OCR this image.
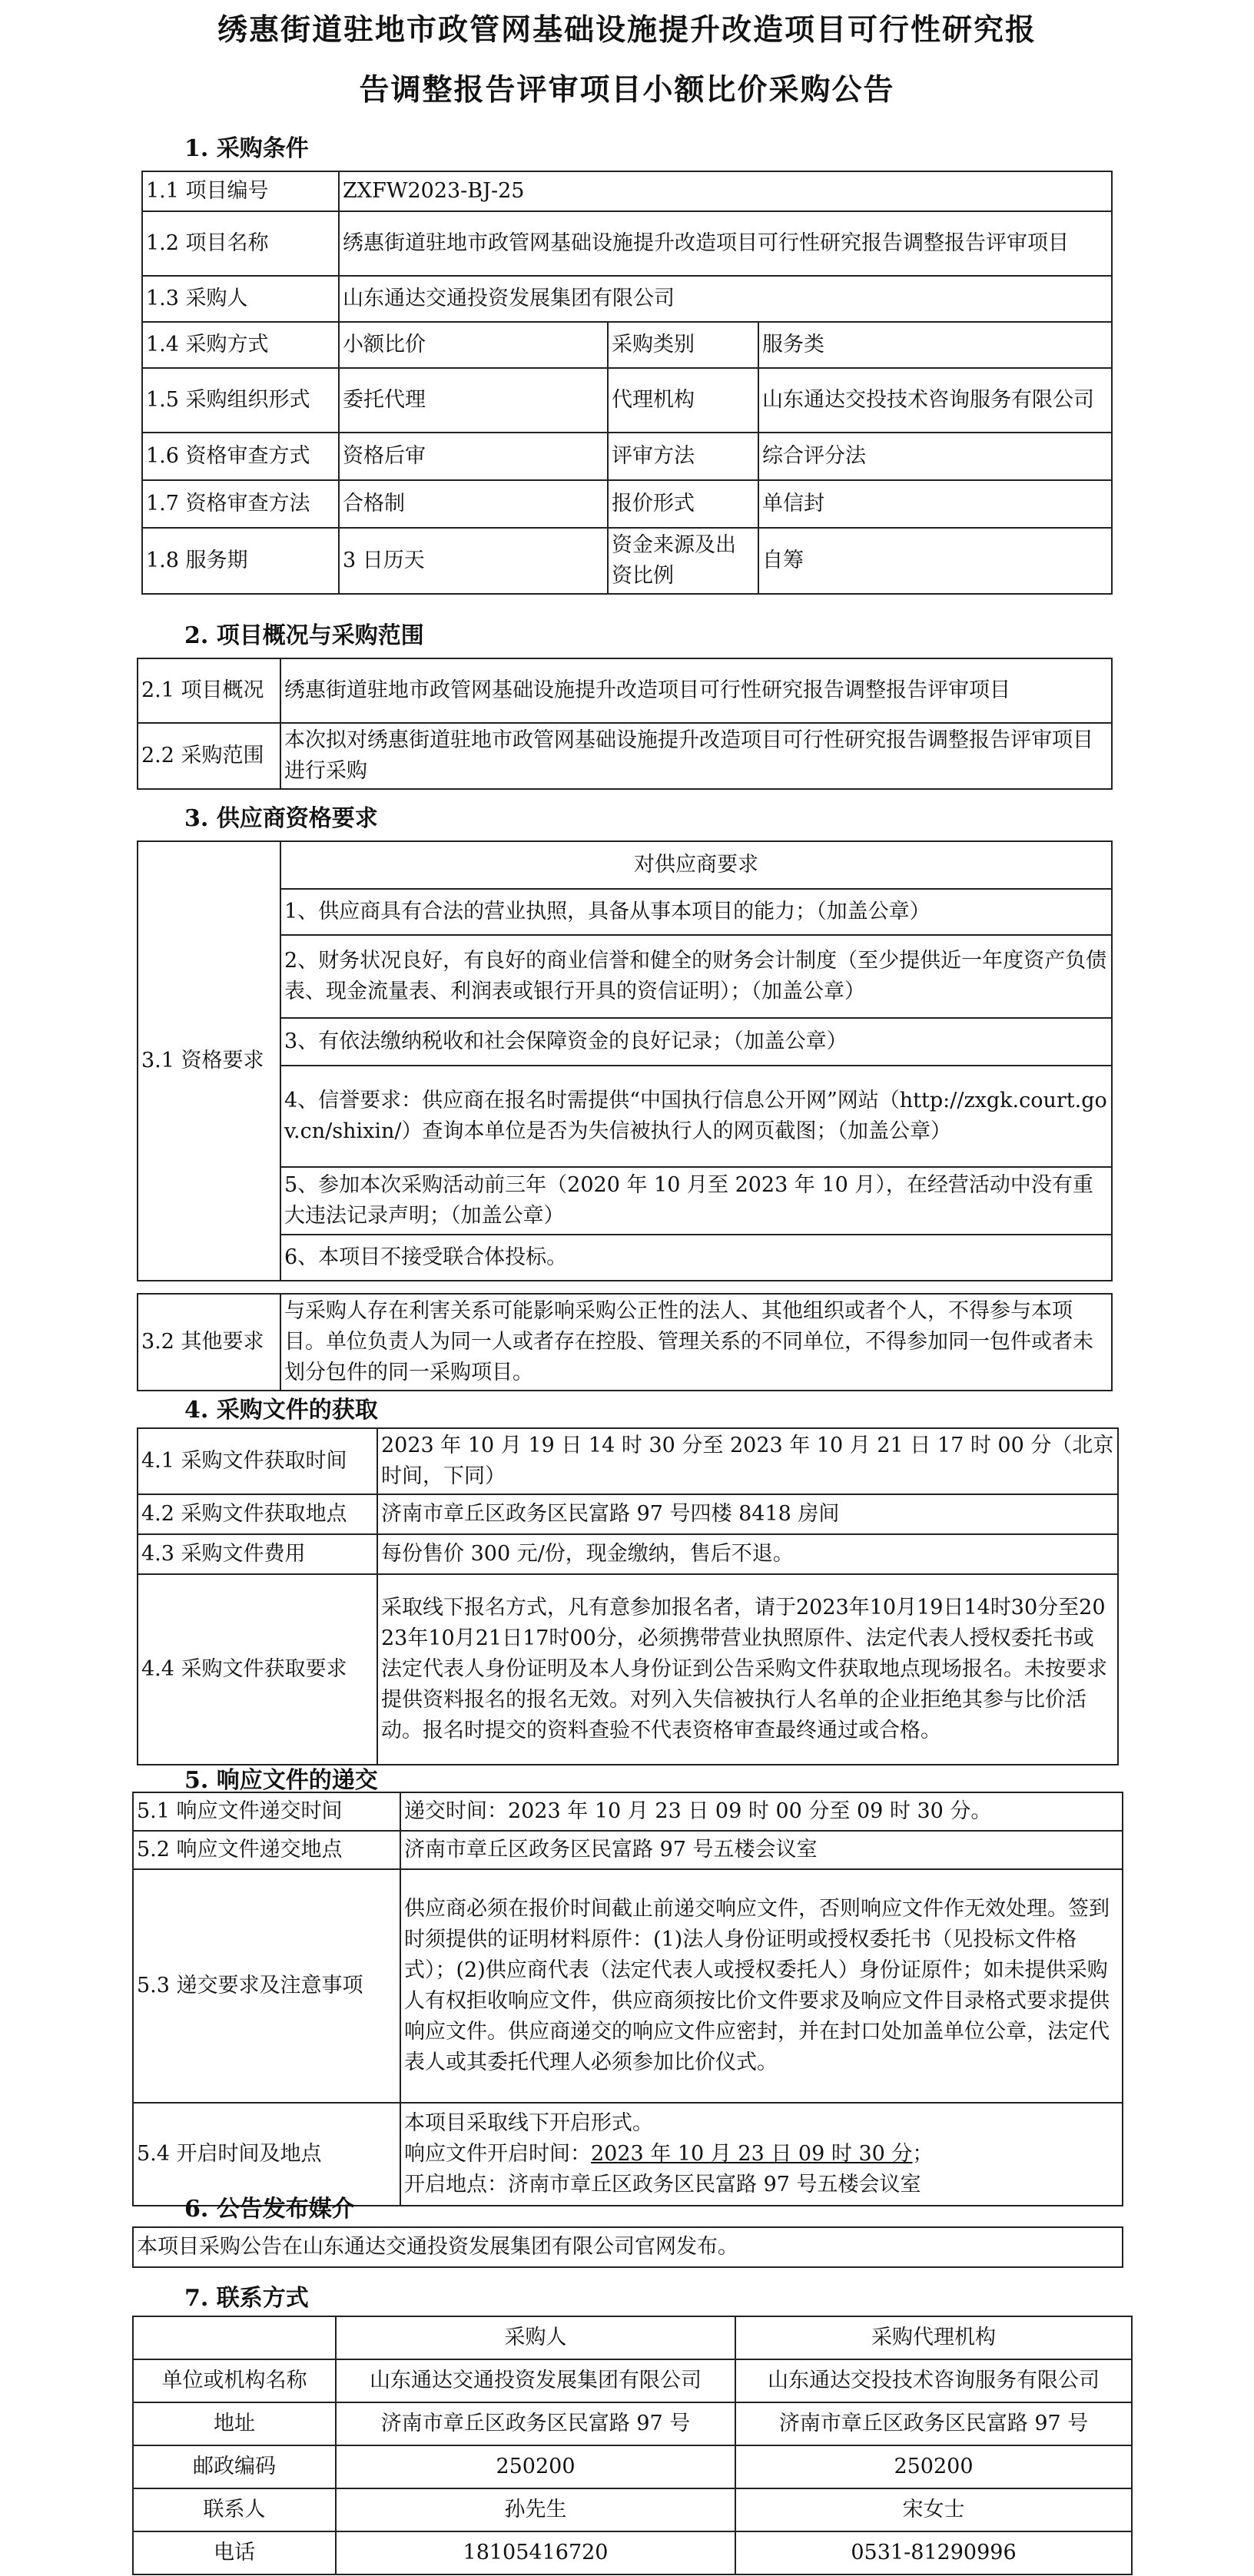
绣惠街道驻地市政管网基础设施提升改造项目可行性研究报
告调整报告评审项目小额比价采购公告
1. 采购条件
1.1 项目编号	ZXFW2023-BJ-25		
1.2 项目名称	绣惠街道驻地市政管网基础设施提升改造项目可行性研究报告调整报告评审项目		
1.3 采购人	山东通达交通投资发展集团有限公司		
1.4 采购方式	小额比价	采购类别	服务类
1.5 采购组织形式	委托代理	代理机构	山东通达交投技术咨询服务有限公司
1.6 资格审查方式	资格后审	评审方法	综合评分法
1.7 资格审查方法	合格制	报价形式	单信封
1.8 服务期	3 日历天	资金来源及出资比例	自筹
2. 项目概况与采购范围
2.1 项目概况	绣惠街道驻地市政管网基础设施提升改造项目可行性研究报告调整报告评审项目
2.2 采购范围	本次拟对绣惠街道驻地市政管网基础设施提升改造项目可行性研究报告调整报告评审项目进行采购
3. 供应商资格要求
3.1 资格要求	对供应商要求
1、供应商具有合法的营业执照，具备从事本项目的能力；（加盖公章）
2、财务状况良好，有良好的商业信誉和健全的财务会计制度（至少提供近一年度资产负债表、现金流量表、利润表或银行开具的资信证明）；（加盖公章）
3、有依法缴纳税收和社会保障资金的良好记录；（加盖公章）
4、信誉要求：供应商在报名时需提供“中国执行信息公开网”网站（http://zxgk.court.gov.cn/shixin/）查询本单位是否为失信被执行人的网页截图；（加盖公章）
5、参加本次采购活动前三年（2020 年 10 月至 2023 年 10 月），在经营活动中没有重大违法记录声明；（加盖公章）
6、本项目不接受联合体投标。
3.2 其他要求	与采购人存在利害关系可能影响采购公正性的法人、其他组织或者个人，不得参与本项目。单位负责人为同一人或者存在控股、管理关系的不同单位，不得参加同一包件或者未划分包件的同一采购项目。
4. 采购文件的获取
4.1 采购文件获取时间	2023 年 10 月 19 日 14 时 30 分至 2023 年 10 月 21 日 17 时 00 分（北京时间，下同）
4.2 采购文件获取地点	济南市章丘区政务区民富路 97 号四楼 8418 房间
4.3 采购文件费用	每份售价 300 元/份，现金缴纳，售后不退。
4.4 采购文件获取要求	采取线下报名方式，凡有意参加报名者，请于2023年10月19日14时30分至2023年10月21日17时00分，必须携带营业执照原件、法定代表人授权委托书或法定代表人身份证明及本人身份证到公告采购文件获取地点现场报名。未按要求提供资料报名的报名无效。对列入失信被执行人名单的企业拒绝其参与比价活动。报名时提交的资料查验不代表资格审查最终通过或合格。
5. 响应文件的递交
5.1 响应文件递交时间	递交时间：2023 年 10 月 23 日 09 时 00 分至 09 时 30 分。
5.2 响应文件递交地点	济南市章丘区政务区民富路 97 号五楼会议室
5.3 递交要求及注意事项	供应商必须在报价时间截止前递交响应文件，否则响应文件作无效处理。签到时须提供的证明材料原件：(1)法人身份证明或授权委托书（见投标文件格式）；(2)供应商代表（法定代表人或授权委托人）身份证原件；如未提供采购人有权拒收响应文件，供应商须按比价文件要求及响应文件目录格式要求提供响应文件。供应商递交的响应文件应密封，并在封口处加盖单位公章，法定代表人或其委托代理人必须参加比价仪式。
5.4 开启时间及地点	本项目采取线下开启形式。
响应文件开启时间：2023 年 10 月 23 日 09 时 30 分；
开启地点：济南市章丘区政务区民富路 97 号五楼会议室
6. 公告发布媒介
本项目采购公告在山东通达交通投资发展集团有限公司官网发布。
7. 联系方式
	采购人	采购代理机构
单位或机构名称	山东通达交通投资发展集团有限公司	山东通达交投技术咨询服务有限公司
地址	济南市章丘区政务区民富路 97 号	济南市章丘区政务区民富路 97 号
邮政编码	250200	250200
联系人	孙先生	宋女士
电话	18105416720	0531-81290996
